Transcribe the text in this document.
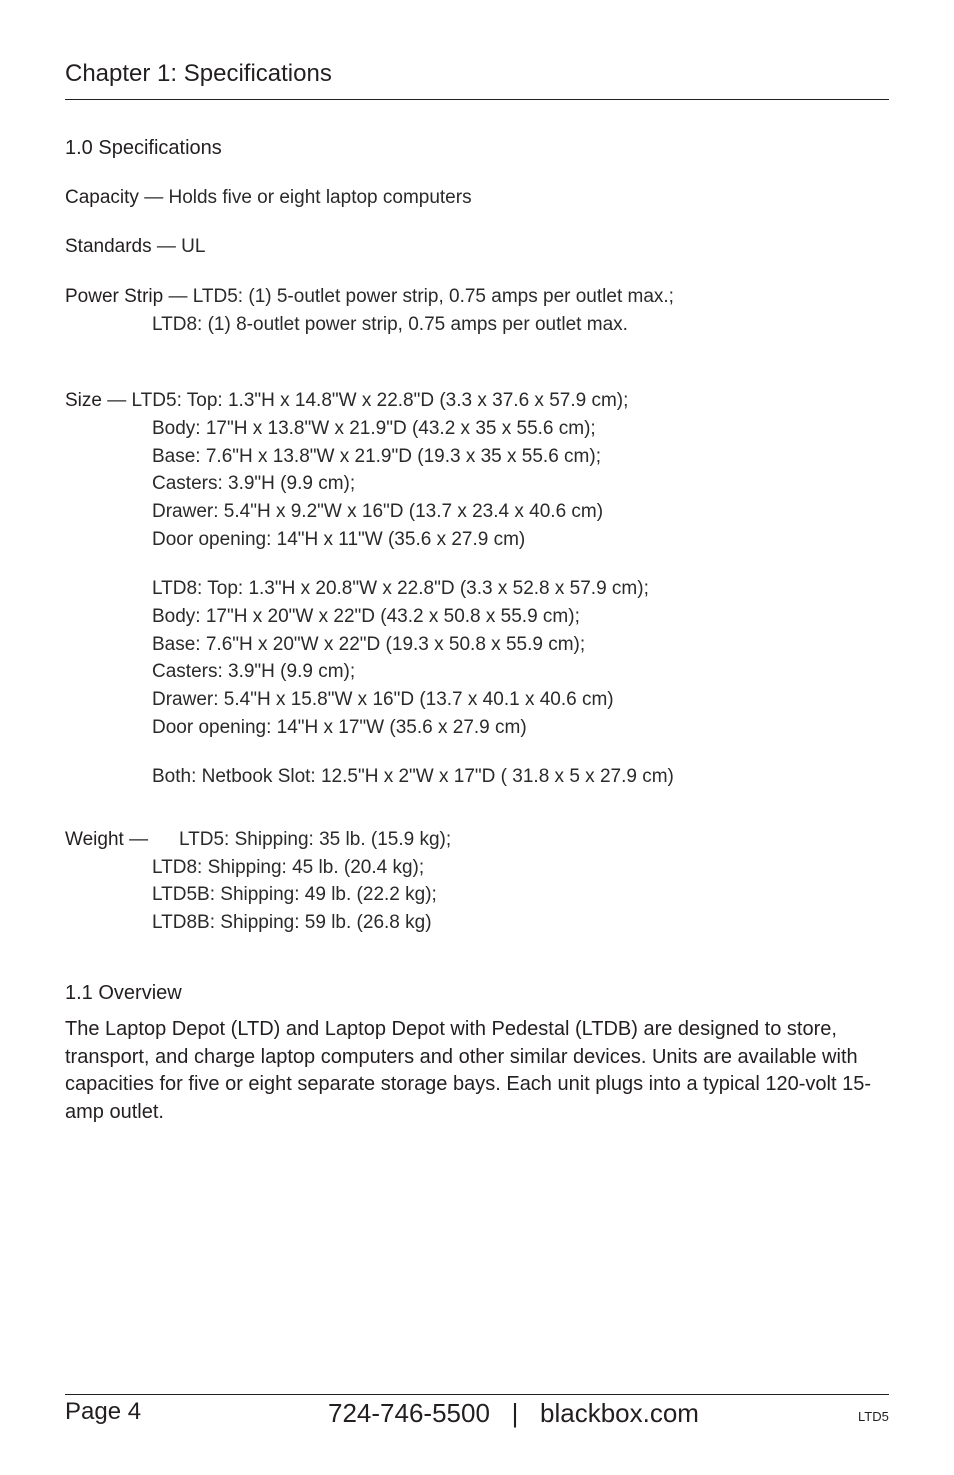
Chapter 1: Specifications
1.0 Specifications
Capacity — Holds five or eight laptop computers
Standards — UL
Power Strip — LTD5: (1) 5-outlet power strip, 0.75 amps per outlet max.;
LTD8: (1) 8-outlet power strip, 0.75 amps per outlet max.
Size — LTD5: Top: 1.3"H x 14.8"W x 22.8"D (3.3 x 37.6 x 57.9 cm);
Body: 17"H x 13.8"W x 21.9"D (43.2 x 35 x 55.6 cm);
Base: 7.6"H x 13.8"W x 21.9"D (19.3 x 35 x 55.6 cm);
Casters: 3.9"H (9.9 cm);
Drawer: 5.4"H x 9.2"W x 16"D (13.7 x 23.4 x 40.6 cm)
Door opening: 14"H x 11"W (35.6 x 27.9 cm)
LTD8: Top: 1.3"H x 20.8"W x 22.8"D (3.3 x 52.8 x 57.9 cm);
Body: 17"H x 20"W x 22"D (43.2 x 50.8 x 55.9 cm);
Base: 7.6"H x 20"W x 22"D (19.3 x 50.8 x 55.9 cm);
Casters: 3.9"H (9.9 cm);
Drawer: 5.4"H x 15.8"W x 16"D (13.7 x 40.1 x 40.6 cm)
Door opening: 14"H x 17"W (35.6 x 27.9 cm)
Both: Netbook Slot: 12.5"H x 2"W x 17"D ( 31.8 x 5 x 27.9 cm)
Weight — LTD5: Shipping: 35 lb. (15.9 kg);
LTD8: Shipping: 45 lb. (20.4 kg);
LTD5B: Shipping: 49 lb. (22.2 kg);
LTD8B: Shipping: 59 lb. (26.8 kg)
1.1 Overview
The Laptop Depot (LTD) and Laptop Depot with Pedestal (LTDB) are designed to store, transport, and charge laptop computers and other similar devices. Units are available with capacities for five or eight separate storage bays. Each unit plugs into a typical 120-volt 15-amp outlet.
Page 4	724-746-5500   |   blackbox.com	LTD5
